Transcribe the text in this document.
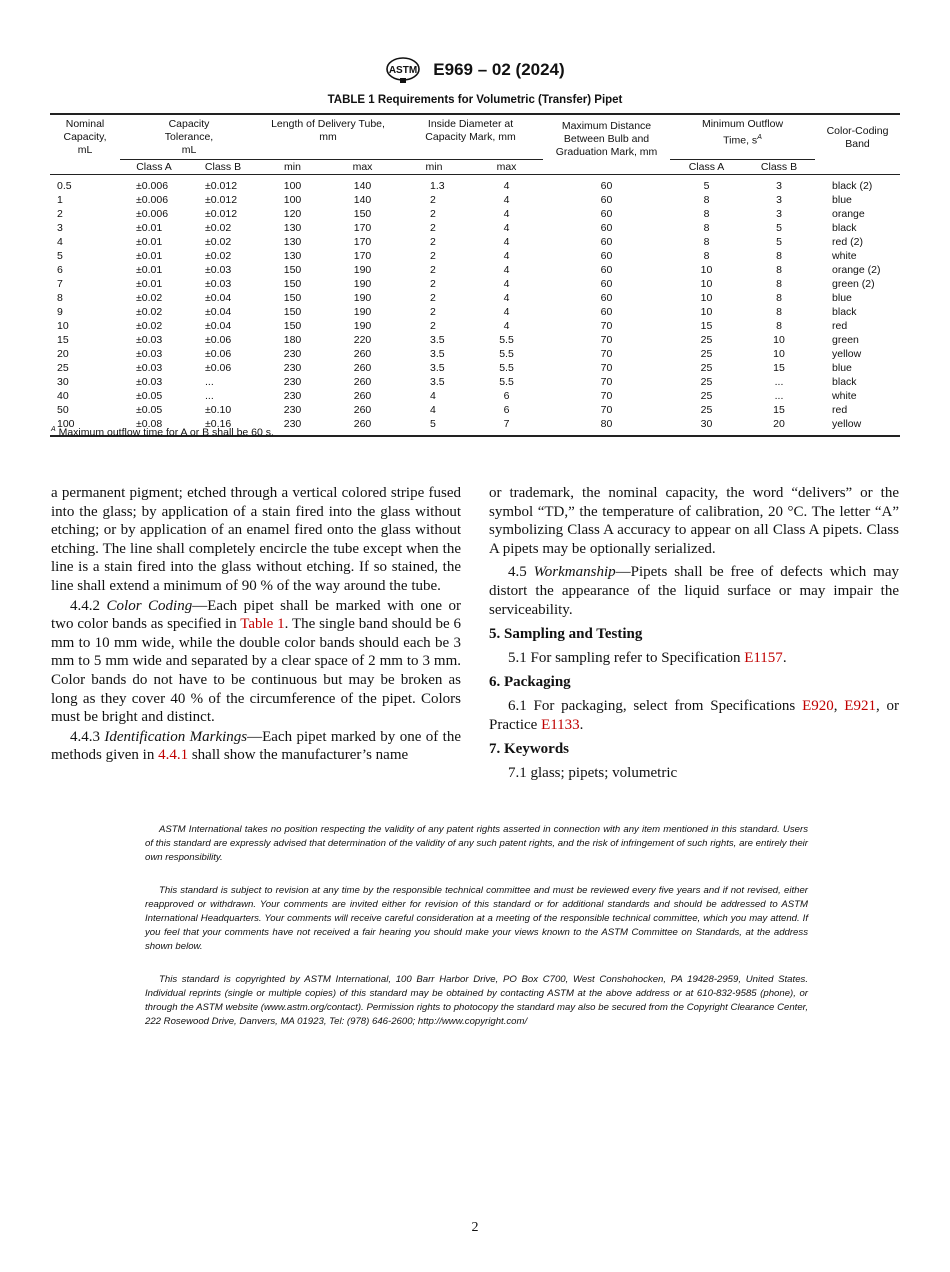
ASTM E969 – 02 (2024)
TABLE 1 Requirements for Volumetric (Transfer) Pipet
Nominal Capacity, mL	Capacity Tolerance, mL		Length of Delivery Tube, mm		Inside Diameter at Capacity Mark, mm		Maximum Distance Between Bulb and Graduation Mark, mm	Minimum Outflow Time, $s^A$		Color-Coding Band
	Class A	Class B	min	max	min	max		Class A	Class B	
0.5	±0.006	±0.012	100	140	1.3	4	60	5	3	black (2)
1	±0.006	±0.012	100	140	2	4	60	8	3	blue
2	±0.006	±0.012	120	150	2	4	60	8	3	orange
3	±0.01	±0.02	130	170	2	4	60	8	5	black
4	±0.01	±0.02	130	170	2	4	60	8	5	red (2)
5	±0.01	±0.02	130	170	2	4	60	8	8	white
6	±0.01	±0.03	150	190	2	4	60	10	8	orange (2)
7	±0.01	±0.03	150	190	2	4	60	10	8	green (2)
8	±0.02	±0.04	150	190	2	4	60	10	8	blue
9	±0.02	±0.04	150	190	2	4	60	10	8	black
10	±0.02	±0.04	150	190	2	4	70	15	8	red
15	±0.03	±0.06	180	220	3.5	5.5	70	25	10	green
20	±0.03	±0.06	230	260	3.5	5.5	70	25	10	yellow
25	±0.03	±0.06	230	260	3.5	5.5	70	25	15	blue
30	±0.03	...	230	260	3.5	5.5	70	25	...	black
40	±0.05	...	230	260	4	6	70	25	...	white
50	±0.05	±0.10	230	260	4	6	70	25	15	red
100	±0.08	±0.16	230	260	5	7	80	30	20	yellow
$^A$ Maximum outflow time for A or B shall be 60 s.

a permanent pigment; etched through a vertical colored stripe fused into the glass; by application of a stain fired into the glass without etching; or by application of an enamel fired onto the glass without etching. The line shall completely encircle the tube except when the line is a stain fired into the glass without etching. If so stained, the line shall extend a minimum of 90 % of the way around the tube.

4.4.2 Color Coding—Each pipet shall be marked with one or two color bands as specified in Table 1. The single band should be 6 mm to 10 mm wide, while the double color bands should each be 3 mm to 5 mm wide and separated by a clear space of 2 mm to 3 mm. Color bands do not have to be continuous but may be broken as long as they cover 40 % of the circumference of the pipet. Colors must be bright and distinct.

4.4.3 Identification Markings—Each pipet marked by one of the methods given in 4.4.1 shall show the manufacturer’s name

or trademark, the nominal capacity, the word “delivers” or the symbol “TD,” the temperature of calibration, 20 °C. The letter “A” symbolizing Class A accuracy to appear on all Class A pipets. Class A pipets may be optionally serialized.

4.5 Workmanship—Pipets shall be free of defects which may distort the appearance of the liquid surface or may impair the serviceability.

5. Sampling and Testing

5.1 For sampling refer to Specification E1157.

6. Packaging

6.1 For packaging, select from Specifications E920, E921, or Practice E1133.

7. Keywords

7.1 glass; pipets; volumetric

ASTM International takes no position respecting the validity of any patent rights asserted in connection with any item mentioned in this standard. Users of this standard are expressly advised that determination of the validity of any such patent rights, and the risk of infringement of such rights, are entirely their own responsibility.

This standard is subject to revision at any time by the responsible technical committee and must be reviewed every five years and if not revised, either reapproved or withdrawn. Your comments are invited either for revision of this standard or for additional standards and should be addressed to ASTM International Headquarters. Your comments will receive careful consideration at a meeting of the responsible technical committee, which you may attend. If you feel that your comments have not received a fair hearing you should make your views known to the ASTM Committee on Standards, at the address shown below.

This standard is copyrighted by ASTM International, 100 Barr Harbor Drive, PO Box C700, West Conshohocken, PA 19428-2959, United States. Individual reprints (single or multiple copies) of this standard may be obtained by contacting ASTM at the above address or at 610-832-9585 (phone), or through the ASTM website (www.astm.org/contact). Permission rights to photocopy the standard may also be secured from the Copyright Clearance Center, 222 Rosewood Drive, Danvers, MA 01923, Tel: (978) 646-2600; http://www.copyright.com/

2
